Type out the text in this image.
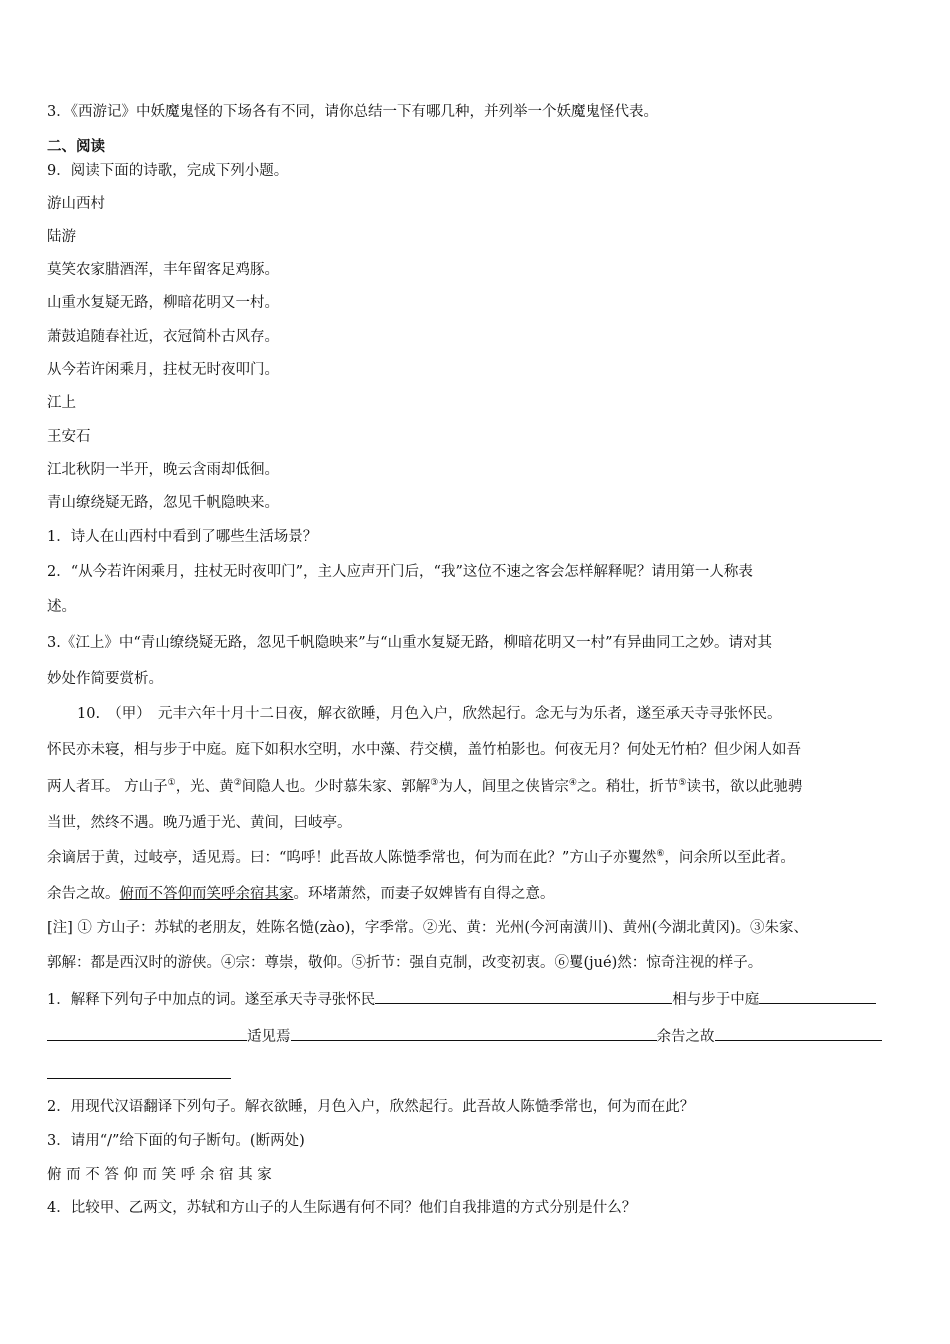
3．《西游记》中妖魔鬼怪的下场各有不同，请你总结一下有哪几种，并列举一个妖魔鬼怪代表。
二、阅读
9．阅读下面的诗歌，完成下列小题。
游山西村
陆游
莫笑农家腊酒浑，丰年留客足鸡豚。
山重水复疑无路，柳暗花明又一村。
萧鼓追随春社近，衣冠简朴古风存。
从今若许闲乘月，拄杖无时夜叩门。
江上
王安石
江北秋阴一半开，晚云含雨却低徊。
青山缭绕疑无路，忽见千帆隐映来。
1．诗人在山西村中看到了哪些生活场景？
2．“从今若许闲乘月，拄杖无时夜叩门”，主人应声开门后，“我”这位不速之客会怎样解释呢？请用第一人称表
述。
3.《江上》中“青山缭绕疑无路，忽见千帆隐映来”与“山重水复疑无路，柳暗花明又一村”有异曲同工之妙。请对其
妙处作简要赏析。
10.　（甲）　元丰六年十月十二日夜，解衣欲睡，月色入户，欣然起行。念无与为乐者，遂至承天寺寻张怀民。
怀民亦未寝，相与步于中庭。庭下如积水空明，水中藻、荇交横，盖竹柏影也。何夜无月？何处无竹柏？但少闲人如吾
两人者耳。 方山子①，光、黄②间隐人也。少时慕朱家、郭解③为人，闾里之侠皆宗④之。稍壮，折节⑤读书，欲以此驰骋
当世，然终不遇。晚乃遁于光、黄间，曰岐亭。
余谪居于黄，过岐亭，适见焉。曰：“呜呼！此吾故人陈慥季常也，何为而在此？”方山子亦矍然⑥，问余所以至此者。
余告之故。俯而不答仰而笑呼余宿其家。环堵萧然，而妻子奴婢皆有自得之意。
[注] ① 方山子：苏轼的老朋友，姓陈名慥(zào)，字季常。②光、黄：光州(今河南潢川)、黄州(今湖北黄冈)。③朱家、
郭解：都是西汉时的游侠。④宗：尊崇，敬仰。⑤折节：强自克制，改变初衷。⑥矍(jué)然：惊奇注视的样子。
1．解释下列句子中加点的词。遂至承天寺寻张怀民	相与步于中庭
适见焉	余告之故
2．用现代汉语翻译下列句子。解衣欲睡，月色入户，欣然起行。此吾故人陈慥季常也，何为而在此？
3．请用“/”给下面的句子断句。(断两处)
俯 而 不 答 仰 而 笑 呼 余 宿 其 家
4．比较甲、乙两文，苏轼和方山子的人生际遇有何不同？他们自我排遣的方式分别是什么？
